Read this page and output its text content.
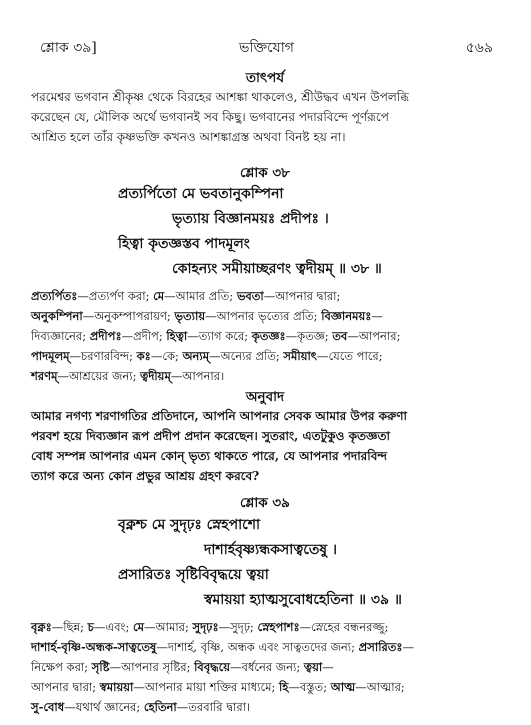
শ্লোক ৩৯]	ভক্তিযোগ	৫৬৯
তাৎপর্য

পরমেশ্বর ভগবান শ্রীকৃষ্ণ থেকে বিরহের আশঙ্কা থাকলেও, শ্রীউদ্ধব এখন উপলব্ধি

করেছেন যে, মৌলিক অর্থে ভগবানই সব কিছু। ভগবানের পদারবিন্দে পূর্ণরূপে

আশ্রিত হলে তাঁর কৃষ্ণভক্তি কখনও আশঙ্কাগ্রস্ত অথবা বিনষ্ট হয় না।

শ্লোক ৩৮
প্রত্যর্পিতো মে ভবতানুকম্পিনা
ভৃত্যায় বিজ্ঞানময়ঃ প্রদীপঃ ।
হিত্বা কৃতজ্ঞস্তব পাদমূলং
কোহন্যং সমীয়াচ্ছরণং ত্বদীয়ম্ ॥ ৩৮ ॥

প্রত্যর্পিতঃ—প্রত্যর্পণ করা; মে—আমার প্রতি; ভবতা—আপনার দ্বারা;

অনুকম্পিনা—অনুকম্পাপরায়ণ; ভৃত্যায়—আপনার ভৃত্যের প্রতি; বিজ্ঞানময়ঃ—

দিব্যজ্ঞানের; প্রদীপঃ—প্রদীপ; হিত্বা—ত্যাগ করে; কৃতজ্ঞঃ—কৃতজ্ঞ; তব—আপনার;

পাদমূলম্—চরণারবিন্দ; কঃ—কে; অন্যম্—অন্যের প্রতি; সমীয়াৎ—যেতে পারে;

শরণম্—আশ্রয়ের জন্য; ত্বদীয়ম্—আপনার।

অনুবাদ

আমার নগণ্য শরণাগতির প্রতিদানে, আপনি আপনার সেবক আমার উপর করুণা

পরবশ হয়ে দিব্যজ্ঞান রূপ প্রদীপ প্রদান করেছেন। সুতরাং, এতটুকুও কৃতজ্ঞতা

বোধ সম্পন্ন আপনার এমন কোন্ ভৃত্য থাকতে পারে, যে আপনার পদারবিন্দ

ত্যাগ করে অন্য কোন প্রভুর আশ্রয় গ্রহণ করবে?

শ্লোক ৩৯
বৃক্নশ্চ মে সুদৃঢ়ঃ স্নেহপাশো
দাশার্হবৃষ্ণ্যন্ধকসাত্বতেষু ।
প্রসারিতঃ সৃষ্টিবিবৃদ্ধয়ে ত্বয়া
স্বমায়য়া হ্যাত্মসুবোধহেতিনা ॥ ৩৯ ॥

বৃক্নঃ—ছিন্ন; চ—এবং; মে—আমার; সুদৃঢ়ঃ—সুদৃঢ়; স্নেহপাশঃ—স্নেহের বন্ধনরজ্জু;

দাশার্হ-বৃষ্ণি-অন্ধক-সাত্বতেষু—দাশার্হ, বৃষ্ণি, অন্ধক এবং সাত্বতদের জন্য; প্রসারিতঃ—

নিক্ষেপ করা; সৃষ্টি—আপনার সৃষ্টির; বিবৃদ্ধয়ে—বর্ধনের জন্য; ত্বয়া—

আপনার দ্বারা; স্বমায়য়া—আপনার মায়া শক্তির মাধ্যমে; হি—বস্তুত; আত্ম—আত্মার;

সু-বোধ—যথার্থ জ্ঞানের; হেতিনা—তরবারি দ্বারা।
